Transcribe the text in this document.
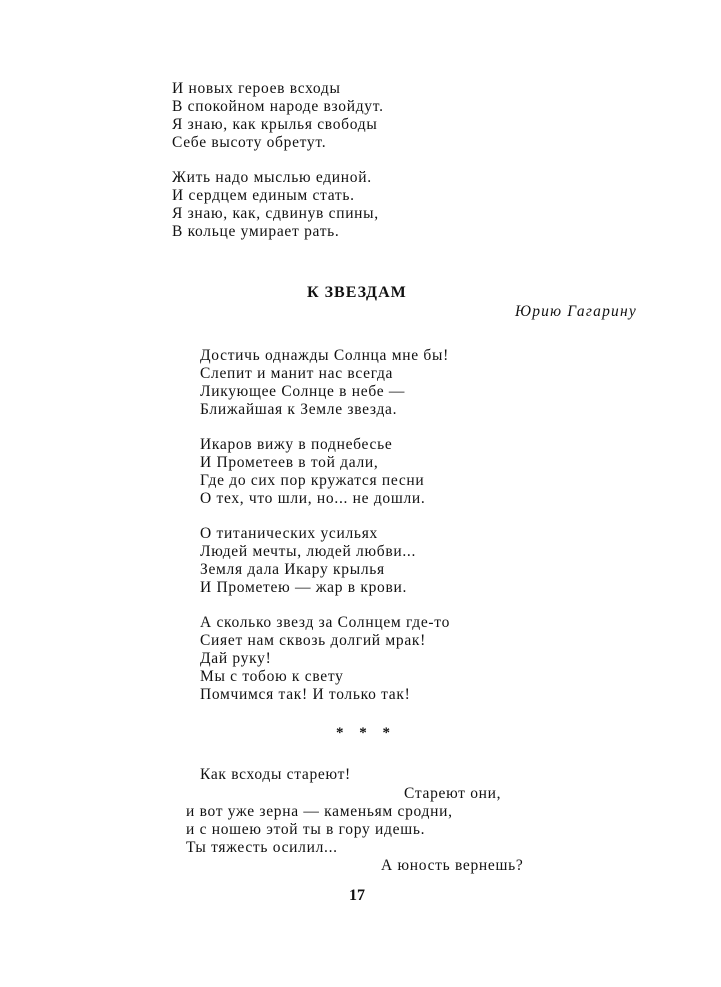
И новых героев всходы
В спокойном народе взойдут.
Я знаю, как крылья свободы
Себе высоту обретут.
Жить надо мыслью единой.
И сердцем единым стать.
Я знаю, как, сдвинув спины,
В кольце умирает рать.
К ЗВЕЗДАМ
Юрию Гагарину
Достичь однажды Солнца мне бы!
Слепит и манит нас всегда
Ликующее Солнце в небе —
Ближайшая к Земле звезда.
Икаров вижу в поднебесье
И Прометеев в той дали,
Где до сих пор кружатся песни
О тех, что шли, но... не дошли.
О титанических усильях
Людей мечты, людей любви...
Земля дала Икару крылья
И Прометею — жар в крови.
А сколько звезд за Солнцем где-то
Сияет нам сквозь долгий мрак!
Дай руку!
Мы с тобою к свету
Помчимся так! И только так!
* * *
Как всходы стареют!
Стареют они,
и вот уже зерна — каменьям сродни,
и с ношею этой ты в гору идешь.
Ты тяжесть осилил...
А юность вернешь?
17
